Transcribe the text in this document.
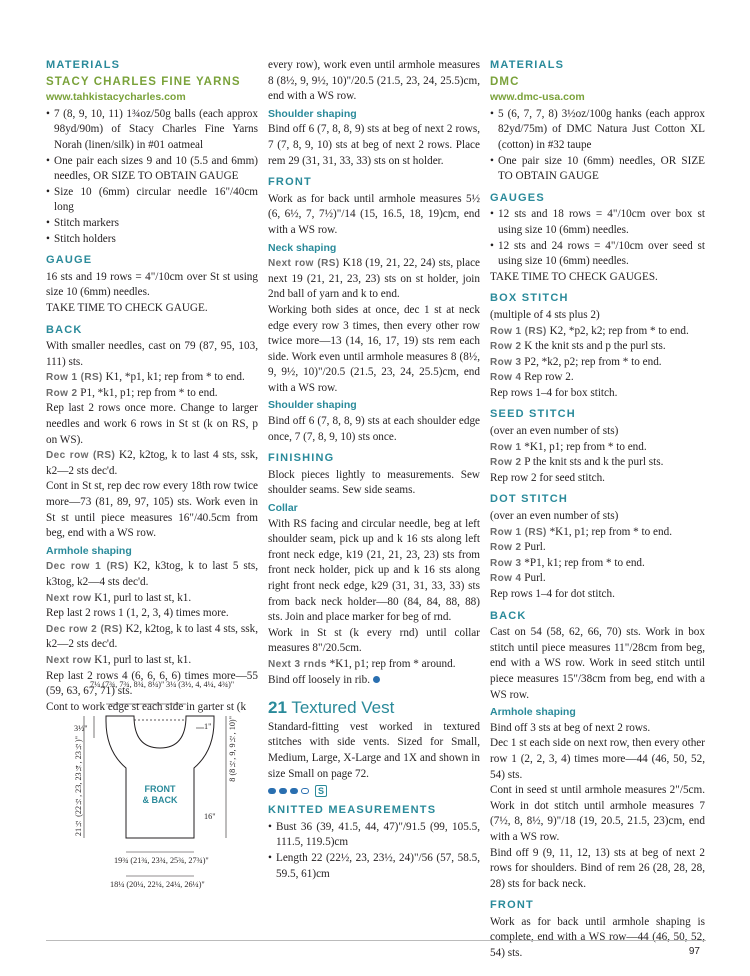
MATERIALS
STACY CHARLES FINE YARNS
www.tahkistacycharles.com
• 7 (8, 9, 10, 11) 1¾oz/50g balls (each approx 98yd/90m) of Stacy Charles Fine Yarns Norah (linen/silk) in #01 oatmeal
• One pair each sizes 9 and 10 (5.5 and 6mm) needles, OR SIZE TO OBTAIN GAUGE
• Size 10 (6mm) circular needle 16"/40cm long
• Stitch markers
• Stitch holders
GAUGE

16 sts and 19 rows = 4"/10cm over St st using size 10 (6mm) needles.

TAKE TIME TO CHECK GAUGE.

BACK

With smaller needles, cast on 79 (87, 95, 103, 111) sts.

Row 1 (RS) K1, *p1, k1; rep from * to end.

Row 2 P1, *k1, p1; rep from * to end.

Rep last 2 rows once more. Change to larger needles and work 6 rows in St st (k on RS, p on WS).

Dec row (RS) K2, k2tog, k to last 4 sts, ssk, k2—2 sts dec'd.

Cont in St st, rep dec row every 18th row twice more—73 (81, 89, 97, 105) sts. Work even in St st until piece measures 16"/40.5cm from beg, end with a WS row.

Armhole shaping

Dec row 1 (RS) K2, k3tog, k to last 5 sts, k3tog, k2—4 sts dec'd.

Next row K1, purl to last st, k1.

Rep last 2 rows 1 (1, 2, 3, 4) times more.

Dec row 2 (RS) K2, k2tog, k to last 4 sts, ssk, k2—2 sts dec'd.

Next row K1, purl to last st, k1.

Rep last 2 rows 4 (6, 6, 6, 6) times more—55 (59, 63, 67, 71) sts.

Cont to work edge st each side in garter st (k

7¼ (7¾, 7¾, 8¾, 8¼)" 3¼ (3½, 4, 4¼, 4¾)"
3½"	1" 8 (8½, 9, 9½, 10)"
16"
21½ (22½, 23, 23¼, 23½)"	FRONT
& BACK
19¾ (21¾, 23¾, 25¾, 27¾)"
18¼ (20¼, 22¼, 24¼, 26¼)"

every row), work even until armhole measures 8 (8½, 9, 9½, 10)"/20.5 (21.5, 23, 24, 25.5)cm, end with a WS row.

Shoulder shaping

Bind off 6 (7, 8, 8, 9) sts at beg of next 2 rows, 7 (7, 8, 9, 10) sts at beg of next 2 rows. Place rem 29 (31, 31, 33, 33) sts on st holder.

FRONT

Work as for back until armhole measures 5½ (6, 6½, 7, 7½)"/14 (15, 16.5, 18, 19)cm, end with a WS row.

Neck shaping

Next row (RS) K18 (19, 21, 22, 24) sts, place next 19 (21, 21, 23, 23) sts on st holder, join 2nd ball of yarn and k to end.

Working both sides at once, dec 1 st at neck edge every row 3 times, then every other row twice more—13 (14, 16, 17, 19) sts rem each side. Work even until armhole measures 8 (8½, 9, 9½, 10)"/20.5 (21.5, 23, 24, 25.5)cm, end with a WS row.

Shoulder shaping

Bind off 6 (7, 8, 8, 9) sts at each shoulder edge once, 7 (7, 8, 9, 10) sts once.

FINISHING

Block pieces lightly to measurements. Sew shoulder seams. Sew side seams.

Collar

With RS facing and circular needle, beg at left shoulder seam, pick up and k 16 sts along left front neck edge, k19 (21, 21, 23, 23) sts from front neck holder, pick up and k 16 sts along right front neck edge, k29 (31, 31, 33, 33) sts from back neck holder—80 (84, 84, 88, 88) sts. Join and place marker for beg of rnd.

Work in St st (k every rnd) until collar measures 8"/20.5cm.

Next 3 rnds *K1, p1; rep from * around.

Bind off loosely in rib.

21 Textured Vest

Standard-fitting vest worked in textured stitches with side vents. Sized for Small, Medium, Large, X-Large and 1X and shown in size Small on page 72.

S
KNITTED MEASUREMENTS
• Bust 36 (39, 41.5, 44, 47)"/91.5 (99, 105.5, 111.5, 119.5)cm
• Length 22 (22½, 23, 23½, 24)"/56 (57, 58.5, 59.5, 61)cm
MATERIALS
DMC
www.dmc-usa.com
• 5 (6, 7, 7, 8) 3½oz/100g hanks (each approx 82yd/75m) of DMC Natura Just Cotton XL (cotton) in #32 taupe
• One pair size 10 (6mm) needles, OR SIZE TO OBTAIN GAUGE
GAUGES
• 12 sts and 18 rows = 4"/10cm over box st using size 10 (6mm) needles.
• 12 sts and 24 rows = 4"/10cm over seed st using size 10 (6mm) needles.

TAKE TIME TO CHECK GAUGES.

BOX STITCH

(multiple of 4 sts plus 2)

Row 1 (RS) K2, *p2, k2; rep from * to end.

Row 2 K the knit sts and p the purl sts.

Row 3 P2, *k2, p2; rep from * to end.

Row 4 Rep row 2.

Rep rows 1–4 for box stitch.

SEED STITCH

(over an even number of sts)

Row 1 *K1, p1; rep from * to end.

Row 2 P the knit sts and k the purl sts.

Rep row 2 for seed stitch.

DOT STITCH

(over an even number of sts)

Row 1 (RS) *K1, p1; rep from * to end.

Row 2 Purl.

Row 3 *P1, k1; rep from * to end.

Row 4 Purl.

Rep rows 1–4 for dot stitch.

BACK

Cast on 54 (58, 62, 66, 70) sts. Work in box stitch until piece measures 11"/28cm from beg, end with a WS row. Work in seed stitch until piece measures 15"/38cm from beg, end with a WS row.

Armhole shaping

Bind off 3 sts at beg of next 2 rows.

Dec 1 st each side on next row, then every other row 1 (2, 2, 3, 4) times more—44 (46, 50, 52, 54) sts.

Cont in seed st until armhole measures 2"/5cm. Work in dot stitch until armhole measures 7 (7½, 8, 8½, 9)"/18 (19, 20.5, 21.5, 23)cm, end with a WS row.

Bind off 9 (9, 11, 12, 13) sts at beg of next 2 rows for shoulders. Bind of rem 26 (28, 28, 28, 28) sts for back neck.

FRONT

Work as for back until armhole shaping is complete, end with a WS row—44 (46, 50, 52, 54) sts.	97
